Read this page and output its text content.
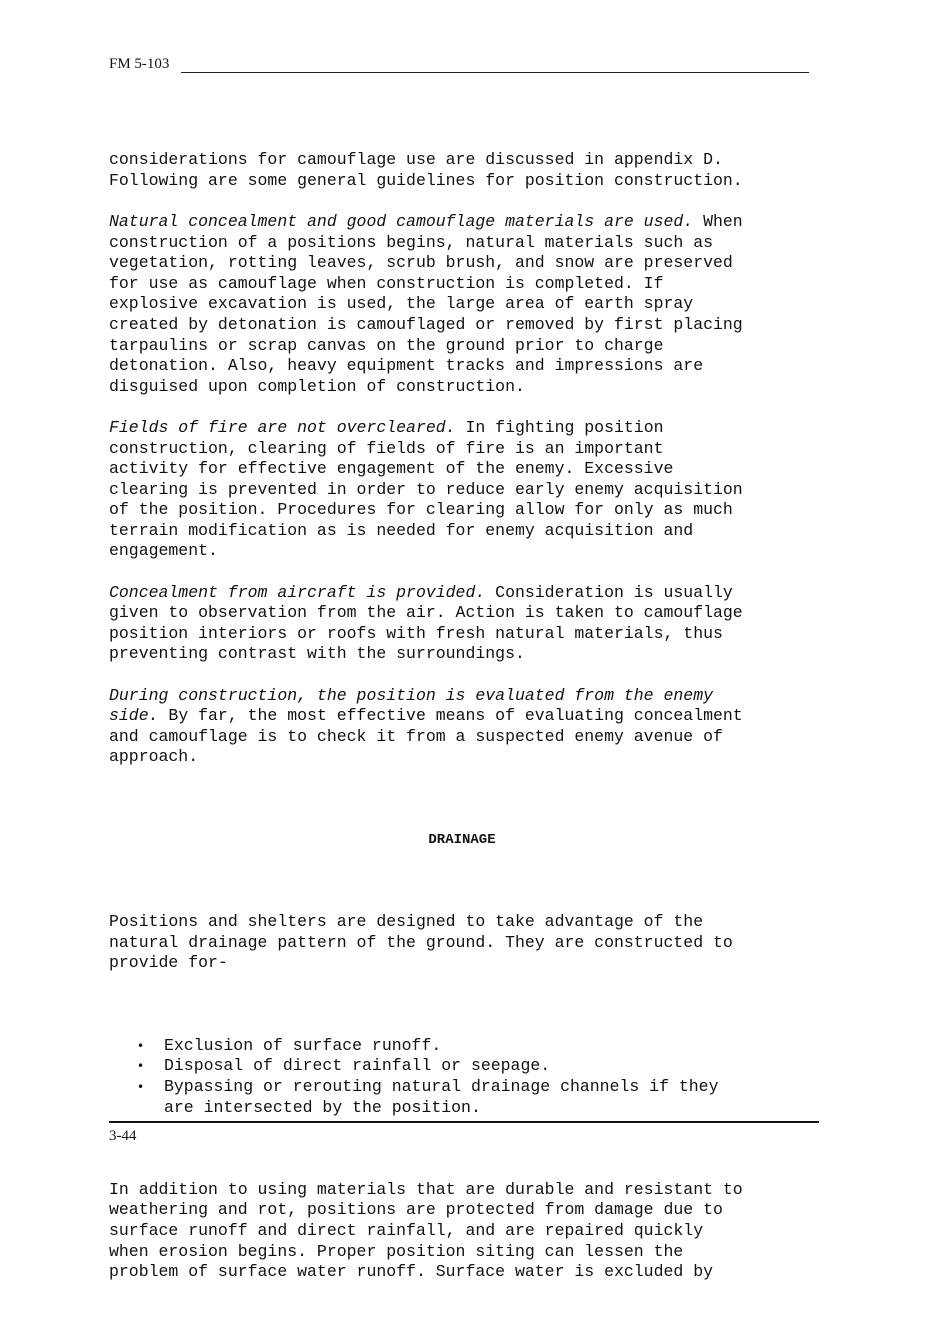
FM 5-103

considerations for camouflage use are discussed in appendix D.
Following are some general guidelines for position construction.
Natural concealment and good camouflage materials are used. When
construction of a positions begins, natural materials such as
vegetation, rotting leaves, scrub brush, and snow are preserved
for use as camouflage when construction is completed. If
explosive excavation is used, the large area of earth spray
created by detonation is camouflaged or removed by first placing
tarpaulins or scrap canvas on the ground prior to charge
detonation. Also, heavy equipment tracks and impressions are
disguised upon completion of construction.
Fields of fire are not overcleared. In fighting position
construction, clearing of fields of fire is an important
activity for effective engagement of the enemy. Excessive
clearing is prevented in order to reduce early enemy acquisition
of the position. Procedures for clearing allow for only as much
terrain modification as is needed for enemy acquisition and
engagement.
Concealment from aircraft is provided. Consideration is usually
given to observation from the air. Action is taken to camouflage
position interiors or roofs with fresh natural materials, thus
preventing contrast with the surroundings.
During construction, the position is evaluated from the enemy
side. By far, the most effective means of evaluating concealment
and camouflage is to check it from a suspected enemy avenue of
approach.

DRAINAGE

Positions and shelters are designed to take advantage of the
natural drainage pattern of the ground. They are constructed to
provide for-

• Exclusion of surface runoff.
• Disposal of direct rainfall or seepage.
• Bypassing or rerouting natural drainage channels if they
are intersected by the position.

In addition to using materials that are durable and resistant to
weathering and rot, positions are protected from damage due to
surface runoff and direct rainfall, and are repaired quickly
when erosion begins. Proper position siting can lessen the
problem of surface water runoff. Surface water is excluded by

3-44
